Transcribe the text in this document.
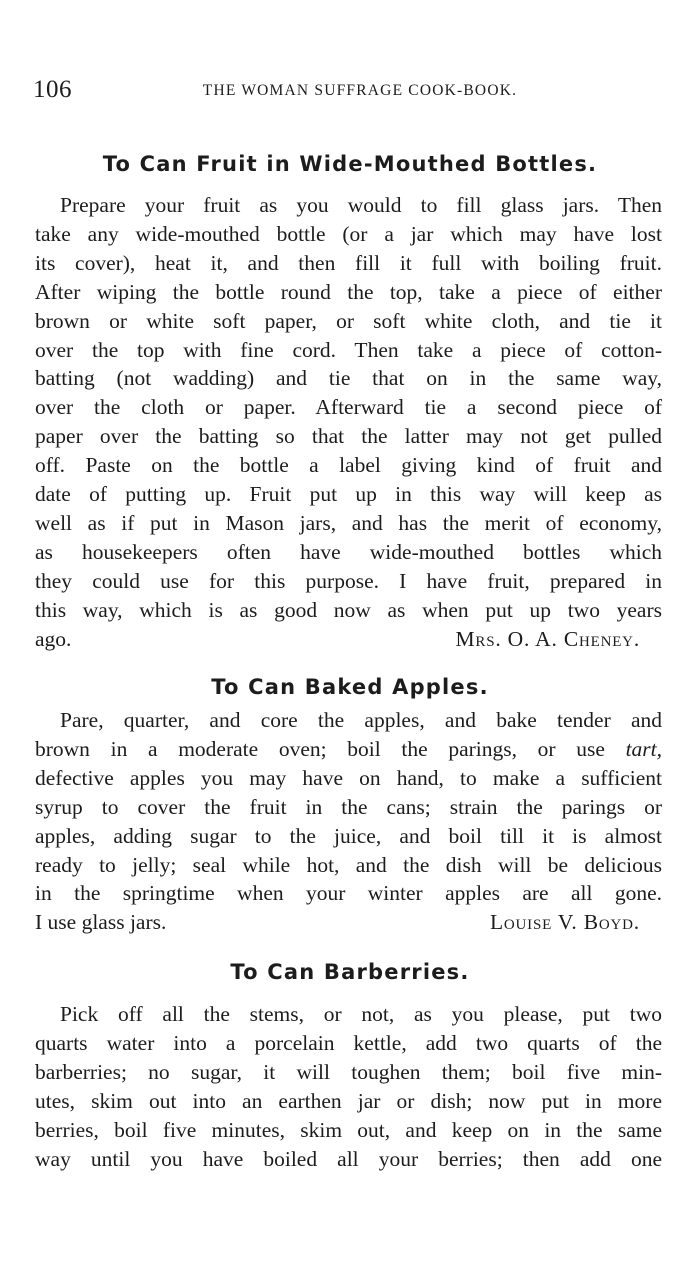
106	THE WOMAN SUFFRAGE COOK-BOOK.
To Can Fruit in Wide-Mouthed Bottles.
Prepare your fruit as you would to fill glass jars. Then
take any wide-mouthed bottle (or a jar which may have lost
its cover), heat it, and then fill it full with boiling fruit.
After wiping the bottle round the top, take a piece of either
brown or white soft paper, or soft white cloth, and tie it
over the top with fine cord. Then take a piece of cotton-
batting (not wadding) and tie that on in the same way,
over the cloth or paper. Afterward tie a second piece of
paper over the batting so that the latter may not get pulled
off. Paste on the bottle a label giving kind of fruit and
date of putting up. Fruit put up in this way will keep as
well as if put in Mason jars, and has the merit of economy,
as housekeepers often have wide-mouthed bottles which
they could use for this purpose. I have fruit, prepared in
this way, which is as good now as when put up two years
ago.	Mrs. O. A. Cheney.
To Can Baked Apples.
Pare, quarter, and core the apples, and bake tender and
brown in a moderate oven; boil the parings, or use tart,
defective apples you may have on hand, to make a sufficient
syrup to cover the fruit in the cans; strain the parings or
apples, adding sugar to the juice, and boil till it is almost
ready to jelly; seal while hot, and the dish will be delicious
in the springtime when your winter apples are all gone.
I use glass jars.	Louise V. Boyd.
To Can Barberries.
Pick off all the stems, or not, as you please, put two
quarts water into a porcelain kettle, add two quarts of the
barberries; no sugar, it will toughen them; boil five min-
utes, skim out into an earthen jar or dish; now put in more
berries, boil five minutes, skim out, and keep on in the same
way until you have boiled all your berries; then add one
